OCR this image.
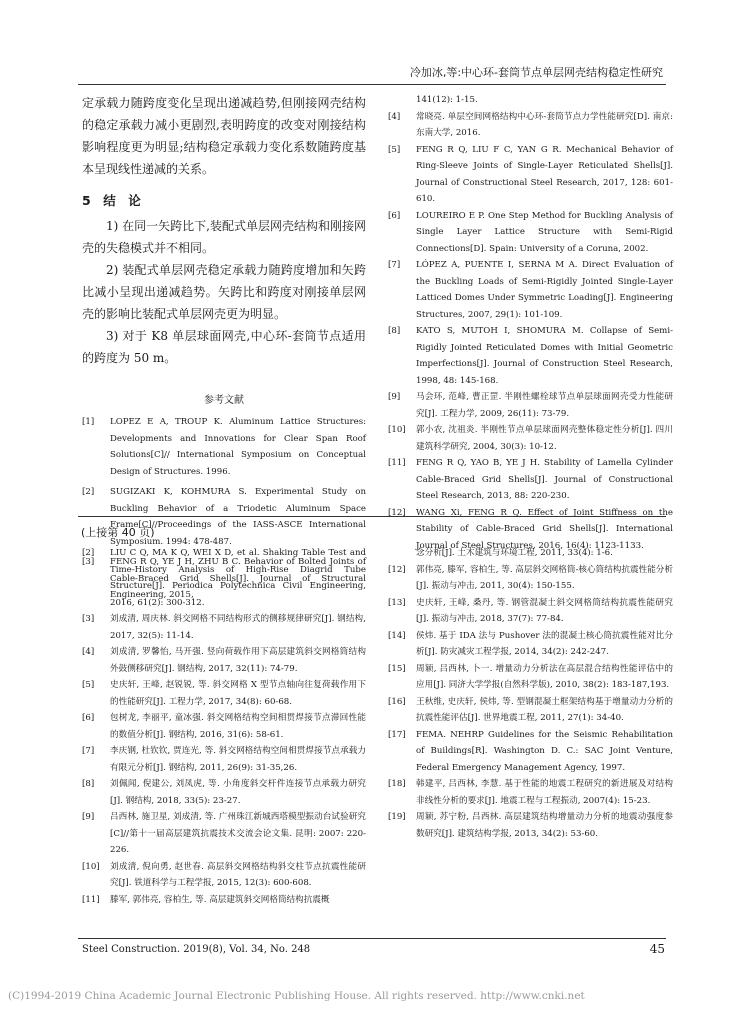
冷加冰,等:中心环-套筒节点单层网壳结构稳定性研究

定承载力随跨度变化呈现出递减趋势,但刚接网壳结构的稳定承载力减小更剧烈,表明跨度的改变对刚接结构影响程度更为明显;结构稳定承载力变化系数随跨度基本呈现线性递减的关系。

5　结　论

1) 在同一矢跨比下,装配式单层网壳结构和刚接网壳的失稳模式并不相同。

2) 装配式单层网壳稳定承载力随跨度增加和矢跨比减小呈现出递减趋势。矢跨比和跨度对刚接单层网壳的影响比装配式单层网壳更为明显。

3) 对于 K8 单层球面网壳,中心环-套筒节点适用的跨度为 50 m。

参考文献
[1]	LOPEZ E A, TROUP K. Aluminum Lattice Structures: Developments and Innovations for Clear Span Roof Solutions[C]// International Symposium on Conceptual Design of Structures. 1996.
[2]	SUGIZAKI K, KOHMURA S. Experimental Study on Buckling Behavior of a Triodetic Aluminum Space Frame[C]//Proceedings of the IASS-ASCE International Symposium. 1994: 478-487.
[3]	FENG R Q, YE J H, ZHU B C. Behavior of Bolted Joints of Cable-Braced Grid Shells[J]. Journal of Structural Engineering, 2015,
141(12): 1-15.
[4]	常晓亮. 单层空间网格结构中心环-套筒节点力学性能研究[D]. 南京: 东南大学, 2016.
[5]	FENG R Q, LIU F C, YAN G R. Mechanical Behavior of Ring-Sleeve Joints of Single-Layer Reticulated Shells[J]. Journal of Constructional Steel Research, 2017, 128: 601-610.
[6]	LOUREIRO E P. One Step Method for Buckling Analysis of Single Layer Lattice Structure with Semi-Rigid Connections[D]. Spain: University of a Coruna, 2002.
[7]	LÓPEZ A, PUENTE I, SERNA M A. Direct Evaluation of the Buckling Loads of Semi-Rigidly Jointed Single-Layer Latticed Domes Under Symmetric Loading[J]. Engineering Structures, 2007, 29(1): 101-109.
[8]	KATO S, MUTOH I, SHOMURA M. Collapse of Semi-Rigidly Jointed Reticulated Domes with Initial Geometric Imperfections[J]. Journal of Construction Steel Research, 1998, 48: 145-168.
[9]	马会环, 范峰, 曹正罡. 半刚性螺栓球节点单层球面网壳受力性能研究[J]. 工程力学, 2009, 26(11): 73-79.
[10]	郭小农, 沈祖炎. 半刚性节点单层球面网壳整体稳定性分析[J]. 四川建筑科学研究, 2004, 30(3): 10-12.
[11]	FENG R Q, YAO B, YE J H. Stability of Lamella Cylinder Cable-Braced Grid Shells[J]. Journal of Constructional Steel Research, 2013, 88: 220-230.
[12]	WANG Xi, FENG R Q. Effect of Joint Stiffness on the Stability of Cable-Braced Grid Shells[J]. International Journal of Steel Structures, 2016, 16(4): 1123-1133.
(上接第 40 页)
[2]	LIU C Q, MA K Q, WEI X D, et al. Shaking Table Test and Time-History Analysis of High-Rise Diagrid Tube Structure[J]. Periodica Polytechnica Civil Engineering, 2016, 61(2): 300-312.
[3]	刘成清, 周庆林. 斜交网格不同结构形式的侧移规律研究[J]. 钢结构, 2017, 32(5): 11-14.
[4]	刘成清, 罗馨怡, 马开强. 竖向荷载作用下高层建筑斜交网格筒结构外鼓侧移研究[J]. 钢结构, 2017, 32(11): 74-79.
[5]	史庆轩, 王峰, 赵锐锐, 等. 斜交网格 X 型节点轴向往复荷载作用下的性能研究[J]. 工程力学, 2017, 34(8): 60-68.
[6]	包树龙, 李丽平, 童冰强. 斜交网格结构空间相贯焊接节点滞回性能的数值分析[J]. 钢结构, 2016, 31(6): 58-61.
[7]	李庆钢, 杜钦钦, 贾连光, 等. 斜交网格结构空间相贯焊接节点承载力有限元分析[J]. 钢结构, 2011, 26(9): 31-35,26.
[8]	刘佩闻, 倪建公, 刘凤虎, 等. 小角度斜交杆件连接节点承载力研究[J]. 钢结构, 2018, 33(5): 23-27.
[9]	吕西林, 施卫星, 刘成清, 等. 广州珠江新城西塔模型振动台试验研究[C]//第十一届高层建筑抗震技术交流会论文集. 昆明: 2007: 220-226.
[10]	刘成清, 倪向勇, 赵世春. 高层斜交网格结构斜交柱节点抗震性能研究[J]. 铁道科学与工程学报, 2015, 12(3): 600-608.
[11]	滕军, 郭伟亮, 容柏生, 等. 高层建筑斜交网格筒结构抗震概
念分析[J]. 土木建筑与环境工程, 2011, 33(4): 1-6.
[12]	郭伟亮, 滕军, 容柏生, 等. 高层斜交网格筒-核心筒结构抗震性能分析[J]. 振动与冲击, 2011, 30(4): 150-155.
[13]	史庆轩, 王峰, 桑丹, 等. 钢管混凝土斜交网格筒结构抗震性能研究[J]. 振动与冲击, 2018, 37(7): 77-84.
[14]	侯炜. 基于 IDA 法与 Pushover 法的混凝土核心筒抗震性能对比分析[J]. 防灾减灾工程学报, 2014, 34(2): 242-247.
[15]	周颖, 吕西林, 卜一. 增量动力分析法在高层混合结构性能评估中的应用[J]. 同济大学学报(自然科学版), 2010, 38(2): 183-187,193.
[16]	王秋维, 史庆轩, 侯炜, 等. 型钢混凝土框架结构基于增量动力分析的抗震性能评估[J]. 世界地震工程, 2011, 27(1): 34-40.
[17]	FEMA. NEHRP Guidelines for the Seismic Rehabilitation of Buildings[R]. Washington D. C.: SAC Joint Venture, Federal Emergency Management Agency, 1997.
[18]	韩建平, 吕西林, 李慧. 基于性能的地震工程研究的新进展及对结构非线性分析的要求[J]. 地震工程与工程振动, 2007(4): 15-23.
[19]	周颖, 苏宁粉, 吕西林. 高层建筑结构增量动力分析的地震动强度参数研究[J]. 建筑结构学报, 2013, 34(2): 53-60.
Steel Construction. 2019(8), Vol. 34, No. 248	45
(C)1994-2019 China Academic Journal Electronic Publishing House. All rights reserved. http://www.cnki.net
